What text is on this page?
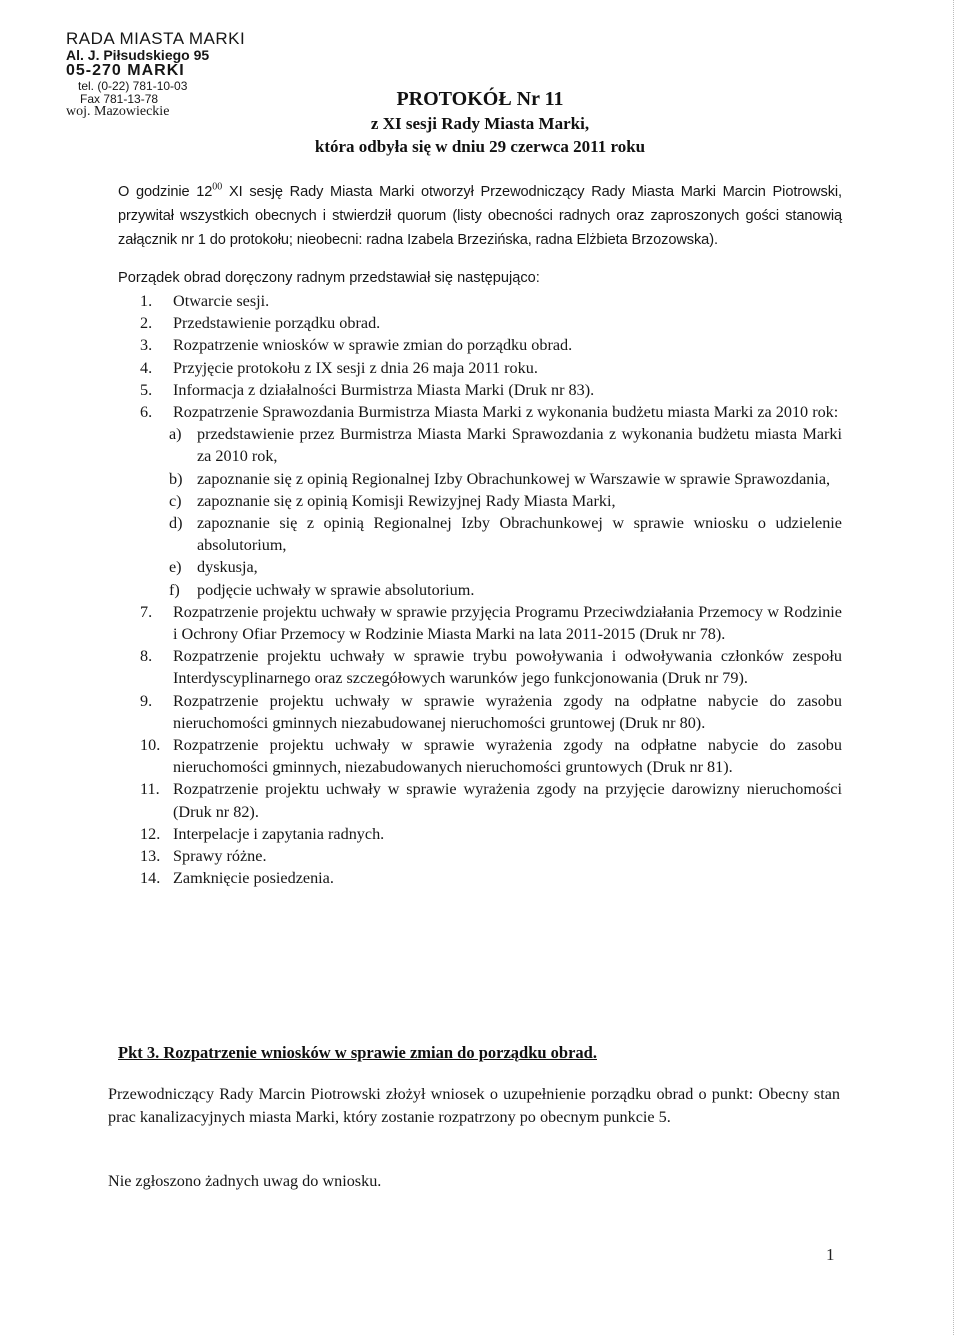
RADA MIASTA MARKI
Al. J. Piłsudskiego 95
05-270 MARKI
tel. (0-22) 781-10-03
Fax 781-13-78
woj. Mazowieckie
PROTOKÓŁ Nr 11
z XI sesji Rady Miasta Marki,
która odbyła się w dniu 29 czerwca 2011 roku
O godzinie $12^{00}$ XI sesję Rady Miasta Marki otworzył Przewodniczący Rady Miasta Marki Marcin Piotrowski, przywitał wszystkich obecnych i stwierdził quorum (listy obecności radnych oraz zaproszonych gości stanowią załącznik nr 1 do protokołu; nieobecni: radna Izabela Brzezińska, radna Elżbieta Brzozowska).
Porządek obrad doręczony radnym przedstawiał się następująco:
1.	Otwarcie sesji.
2.	Przedstawienie porządku obrad.
3.	Rozpatrzenie wniosków w sprawie zmian do porządku obrad.
4.	Przyjęcie protokołu z IX sesji z dnia 26 maja 2011 roku.
5.	Informacja z działalności Burmistrza Miasta Marki (Druk nr 83).
6.	Rozpatrzenie Sprawozdania Burmistrza Miasta Marki z wykonania budżetu miasta Marki za 2010 rok:
a) przedstawienie przez Burmistrza Miasta Marki Sprawozdania z wykonania budżetu miasta Marki za 2010 rok,
b) zapoznanie się z opinią Regionalnej Izby Obrachunkowej w Warszawie w sprawie Sprawozdania,
c) zapoznanie się z opinią Komisji Rewizyjnej Rady Miasta Marki,
d) zapoznanie się z opinią Regionalnej Izby Obrachunkowej w sprawie wniosku o udzielenie absolutorium,
e) dyskusja,
f)	podjęcie uchwały w sprawie absolutorium.
7.	Rozpatrzenie projektu uchwały w sprawie przyjęcia Programu Przeciwdziałania Przemocy w Rodzinie i Ochrony Ofiar Przemocy w Rodzinie Miasta Marki na lata 2011-2015 (Druk nr 78).
8.	Rozpatrzenie projektu uchwały w sprawie trybu powoływania i odwoływania członków zespołu Interdyscyplinarnego oraz szczegółowych warunków jego funkcjonowania (Druk nr 79).
9.	Rozpatrzenie projektu uchwały w sprawie wyrażenia zgody na odpłatne nabycie do zasobu nieruchomości gminnych niezabudowanej nieruchomości gruntowej (Druk nr 80).
10. Rozpatrzenie projektu uchwały w sprawie wyrażenia zgody na odpłatne nabycie do zasobu nieruchomości gminnych, niezabudowanych nieruchomości gruntowych (Druk nr 81).
11. Rozpatrzenie projektu uchwały w sprawie wyrażenia zgody na przyjęcie darowizny nieruchomości (Druk nr 82).
12. Interpelacje i zapytania radnych.
13. Sprawy różne.
14. Zamknięcie posiedzenia.
Pkt 3. Rozpatrzenie wniosków w sprawie zmian do porządku obrad.
Przewodniczący Rady Marcin Piotrowski złożył wniosek o uzupełnienie porządku obrad o punkt: Obecny stan prac kanalizacyjnych miasta Marki, który zostanie rozpatrzony po obecnym punkcie 5.
Nie zgłoszono żadnych uwag do wniosku.
1
